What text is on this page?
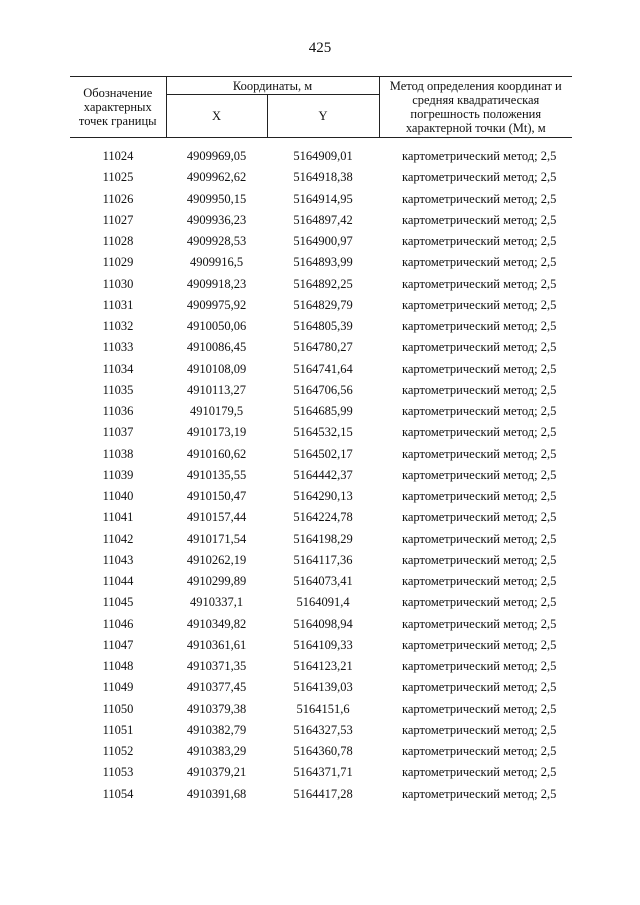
425
Обозначение характерных точек границы	Координаты, м		Метод определения координат и средняя квадратическая погрешность положения характерной точки (Mt), м
	X	Y	
11024	4909969,05	5164909,01	картометрический метод; 2,5
11025	4909962,62	5164918,38	картометрический метод; 2,5
11026	4909950,15	5164914,95	картометрический метод; 2,5
11027	4909936,23	5164897,42	картометрический метод; 2,5
11028	4909928,53	5164900,97	картометрический метод; 2,5
11029	4909916,5	5164893,99	картометрический метод; 2,5
11030	4909918,23	5164892,25	картометрический метод; 2,5
11031	4909975,92	5164829,79	картометрический метод; 2,5
11032	4910050,06	5164805,39	картометрический метод; 2,5
11033	4910086,45	5164780,27	картометрический метод; 2,5
11034	4910108,09	5164741,64	картометрический метод; 2,5
11035	4910113,27	5164706,56	картометрический метод; 2,5
11036	4910179,5	5164685,99	картометрический метод; 2,5
11037	4910173,19	5164532,15	картометрический метод; 2,5
11038	4910160,62	5164502,17	картометрический метод; 2,5
11039	4910135,55	5164442,37	картометрический метод; 2,5
11040	4910150,47	5164290,13	картометрический метод; 2,5
11041	4910157,44	5164224,78	картометрический метод; 2,5
11042	4910171,54	5164198,29	картометрический метод; 2,5
11043	4910262,19	5164117,36	картометрический метод; 2,5
11044	4910299,89	5164073,41	картометрический метод; 2,5
11045	4910337,1	5164091,4	картометрический метод; 2,5
11046	4910349,82	5164098,94	картометрический метод; 2,5
11047	4910361,61	5164109,33	картометрический метод; 2,5
11048	4910371,35	5164123,21	картометрический метод; 2,5
11049	4910377,45	5164139,03	картометрический метод; 2,5
11050	4910379,38	5164151,6	картометрический метод; 2,5
11051	4910382,79	5164327,53	картометрический метод; 2,5
11052	4910383,29	5164360,78	картометрический метод; 2,5
11053	4910379,21	5164371,71	картометрический метод; 2,5
11054	4910391,68	5164417,28	картометрический метод; 2,5
